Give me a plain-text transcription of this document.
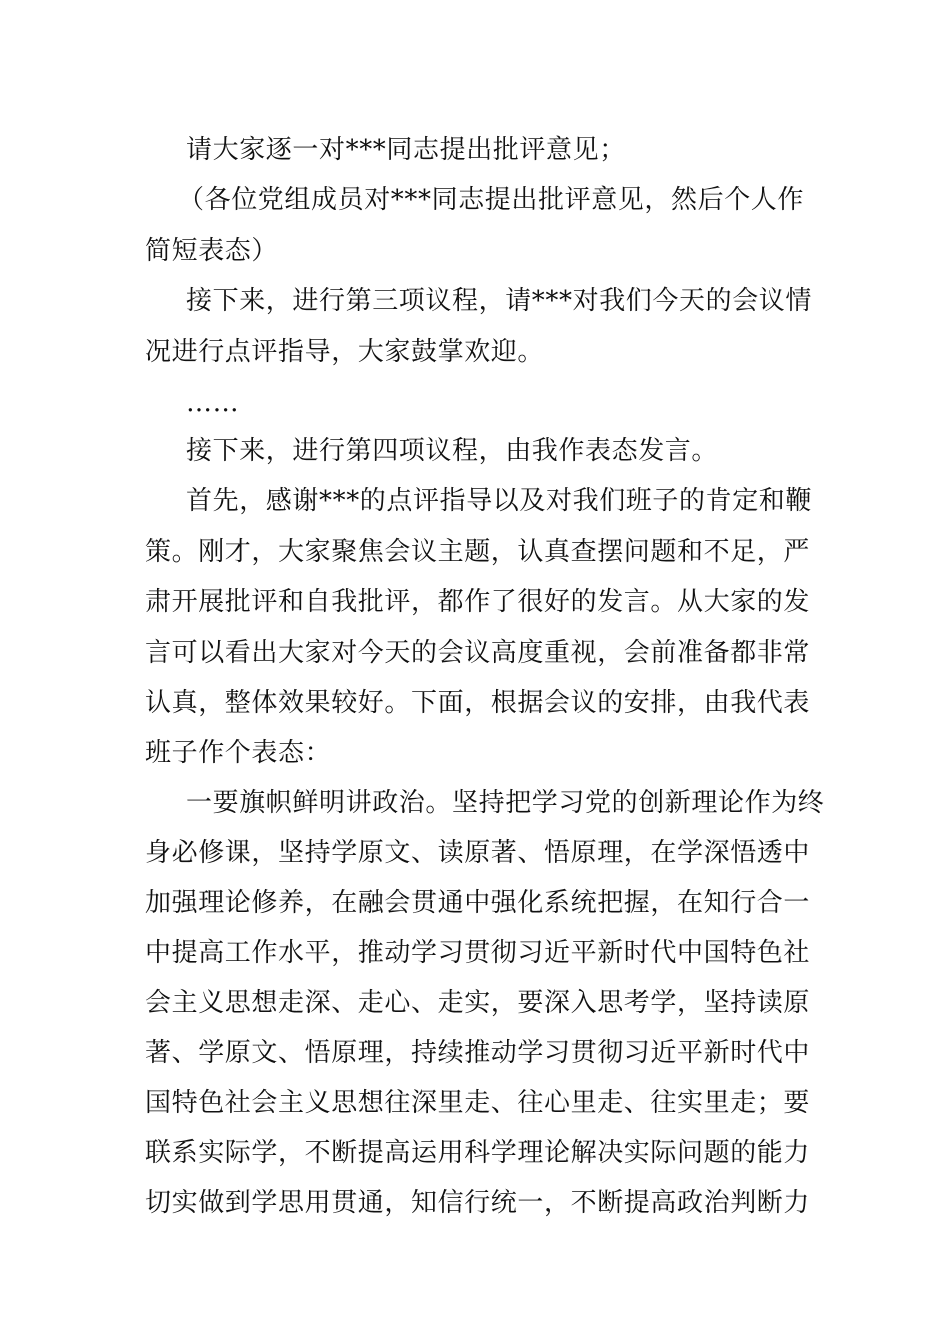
请大家逐一对***同志提出批评意见；
（各位党组成员对***同志提出批评意见，然后个人作
简短表态）
接下来，进行第三项议程，请***对我们今天的会议情
况进行点评指导，大家鼓掌欢迎。
……
接下来，进行第四项议程，由我作表态发言。
首先，感谢***的点评指导以及对我们班子的肯定和鞭
策。刚才，大家聚焦会议主题，认真查摆问题和不足，严
肃开展批评和自我批评，都作了很好的发言。从大家的发
言可以看出大家对今天的会议高度重视，会前准备都非常
认真，整体效果较好。下面，根据会议的安排，由我代表
班子作个表态：
一要旗帜鲜明讲政治。坚持把学习党的创新理论作为终
身必修课，坚持学原文、读原著、悟原理，在学深悟透中
加强理论修养，在融会贯通中强化系统把握，在知行合一
中提高工作水平，推动学习贯彻习近平新时代中国特色社
会主义思想走深、走心、走实，要深入思考学，坚持读原
著、学原文、悟原理，持续推动学习贯彻习近平新时代中
国特色社会主义思想往深里走、往心里走、往实里走；要
联系实际学，不断提高运用科学理论解决实际问题的能力
切实做到学思用贯通，知信行统一，不断提高政治判断力
